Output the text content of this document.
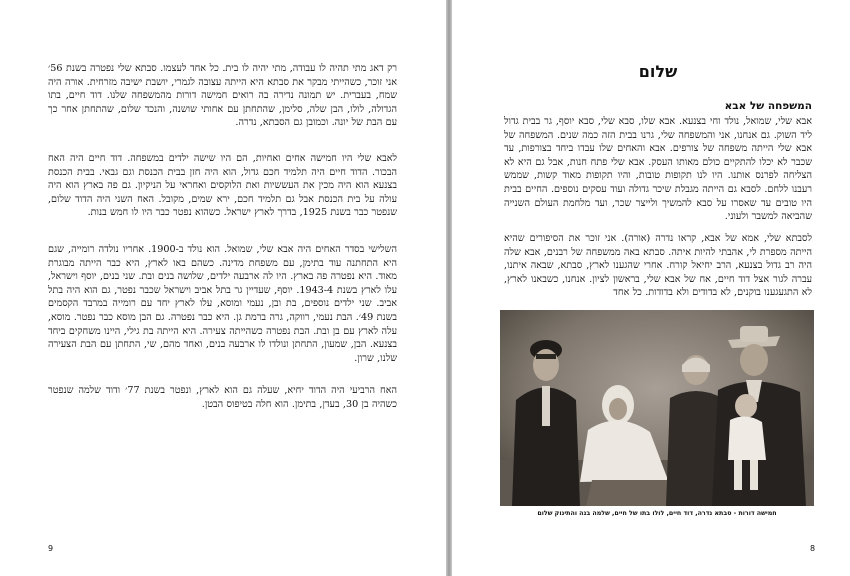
רק דאג מתי תהיה לו עבודה, מתי יהיה לו בית. כל אחד לעצמו. סבתא שלי נפטרה בשנת 56׳ אני זוכר, כשהייתי מבקר את סבתא היא הייתה עצובה לגמרי, יושבת ישיבה מזרחית. אורה היה שמח, בעברית. יש תמונה נדירה בה רואים חמישה דורות מהמשפחה שלנו. דוד חיים, בתו הגדולה, לולו, הבן שלה, סלימן, שהתחתן עם אחותי שושנה, והנכד שלום, שהתחתן אחר כך עם הבת של יונה. וכמובן גם הסבתא, נדרה.

לאבא שלי היו חמישה אחים ואחיות, הם היו שישה ילדים במשפחה. דוד חיים היה האח הבכור. הדוד חיים היה תלמיד חכם גדול, הוא היה חזן בבית הכנסת וגם גבאי. בבית הכנסת בצנעא הוא היה מכין את העששיות ואת הלוקסים ואחראי על הניקיון. גם פה בארץ הוא היה עולה על בית הכנסת אבל גם תלמיד חכם, ירא שמים, מקובל. האח השני היה הדוד שלום, שנפטר כבר בשנת 1925, בדרך לארץ ישראל. כשהוא נפטר כבר היו לו חמש בנות.

השלישי בסדר האחים היה אבא שלי, שמואל. הוא נולד ב-1900. אחריו נולדה רומייה, שגם היא התחתנה עוד בתימן, עם משפחת מדינה. כשהם באו לארץ, היא כבר הייתה מבוגרת מאוד. היא נפטרה פה בארץ. היו לה ארבעה ילדים, שלושה בנים ובת. שני בנים, יוסף וישראל, עלו לארץ בשנת 1943-4. יוסף, שעדיין גר בתל אביב וישראל שכבר נפטר, גם הוא היה בתל אביב. שני ילדים נוספים, בת ובן, נעמי ומוסא, עלו לארץ יחד עם רומייה במרבד הקסמים בשנת 49׳. הבת נעמי, רווקה, גרה ברמת גן. היא כבר נפטרה. גם הבן מוסא כבר נפטר. מוסא, עלה לארץ עם בן ובת. הבת נפטרה כשהייתה צעירה. היא הייתה בת גילי, היינו משחקים ביחד בצנעא. הבן, שמעון, התחתן ונולדו לו ארבעה בנים, ואחד מהם, שי, התחתן עם הבת הצעירה שלנו, שרון.

האח הרביעי היה הדוד יחיא, שעלה גם הוא לארץ, ונפטר בשנת 77׳ ודוד שלמה שנפטר כשהיה בן 30, בעדן, בתימן. הוא חלה בטיפוס הבטן.

9
שלום
המשפחה של אבא

אבא שלי, שמואל, נולד וחי בצנעא. אבא שלו, סבא שלי, סבא יוסף, גר בבית גדול ליד השוק. גם אנחנו, אני והמשפחה שלי, גרנו בבית הזה כמה שנים. המשפחה של אבא שלי הייתה משפחה של צורפים. אבא והאחים שלו עבדו ביחד בצורפות, עד שכבר לא יכלו להתקיים כולם מאותו העסק. אבא שלי פתח חנות, אבל גם היא לא הצליחה לפרנס אותנו. היו לנו תקופות טובות, והיו תקופות מאוד קשות, שממש רעבנו ללחם. לסבא גם הייתה מגבלת שיכר גדולה ועוד עסקים נוספים. החיים בבית היו טובים עד שאסרו על סבא להמשיך ולייצר שכר, ועד מלחמת העולם השנייה שהביאה למשבר ולעוני.

לסבתא שלי, אמא של אבא, קראו נדרה (אורה). אני זוכר את הסיפורים שהיא הייתה מספרת לי, אהבתי להיות איתה. סבתא באה ממשפחה של רבנים, אבא שלה היה רב גדול בצנעא, הרב יחיאל קורח. אחרי שהגענו לארץ, סבתא, שבאה איתנו, עברה לגור אצל דוד חיים, אח של אבא שלי, בראשון לציון. אנחנו, כשבאנו לארץ, לא התגעגענו בוקנים, לא בדודים ולא בדודות. כל אחד

חמישה דורות - סבתא נדרה, דוד חיים, לולו בתו של חיים, שלמה בנה והתינוק שלום
8
